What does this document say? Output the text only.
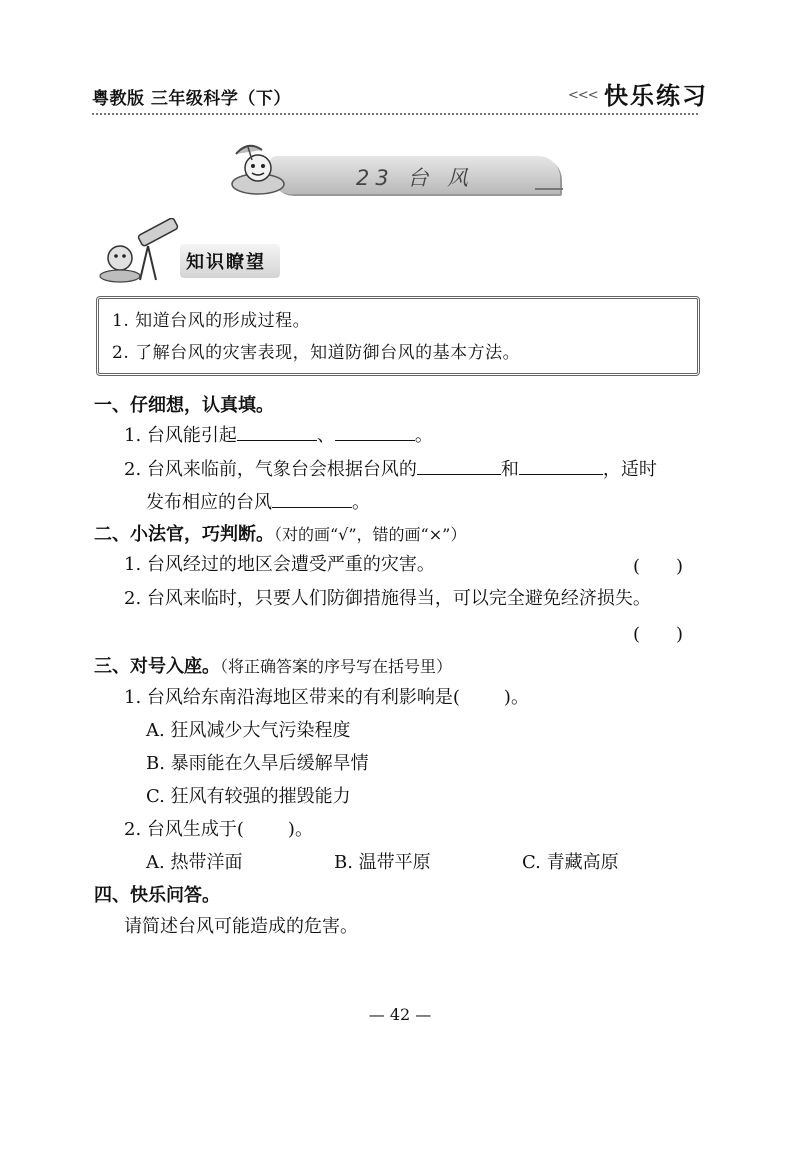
粤教版 三年级科学（下）	<<< 快乐练习
23 台 风
知识瞭望
1. 知道台风的形成过程。
2. 了解台风的灾害表现，知道防御台风的基本方法。
一、仔细想，认真填。
1. 台风能引起	、	。
2. 台风来临前，气象台会根据台风的	和	，适时
发布相应的台风	。
二、小法官，巧判断。（对的画“√”，错的画“×”）
1. 台风经过的地区会遭受严重的灾害。	(　　)
2. 台风来临时，只要人们防御措施得当，可以完全避免经济损失。
(　　)
三、对号入座。（将正确答案的序号写在括号里）
1. 台风给东南沿海地区带来的有利影响是( )。
A. 狂风减少大气污染程度
B. 暴雨能在久旱后缓解旱情
C. 狂风有较强的摧毁能力
2. 台风生成于( )。
A. 热带洋面	B. 温带平原	C. 青藏高原
四、快乐问答。
请简述台风可能造成的危害。
— 42 —
